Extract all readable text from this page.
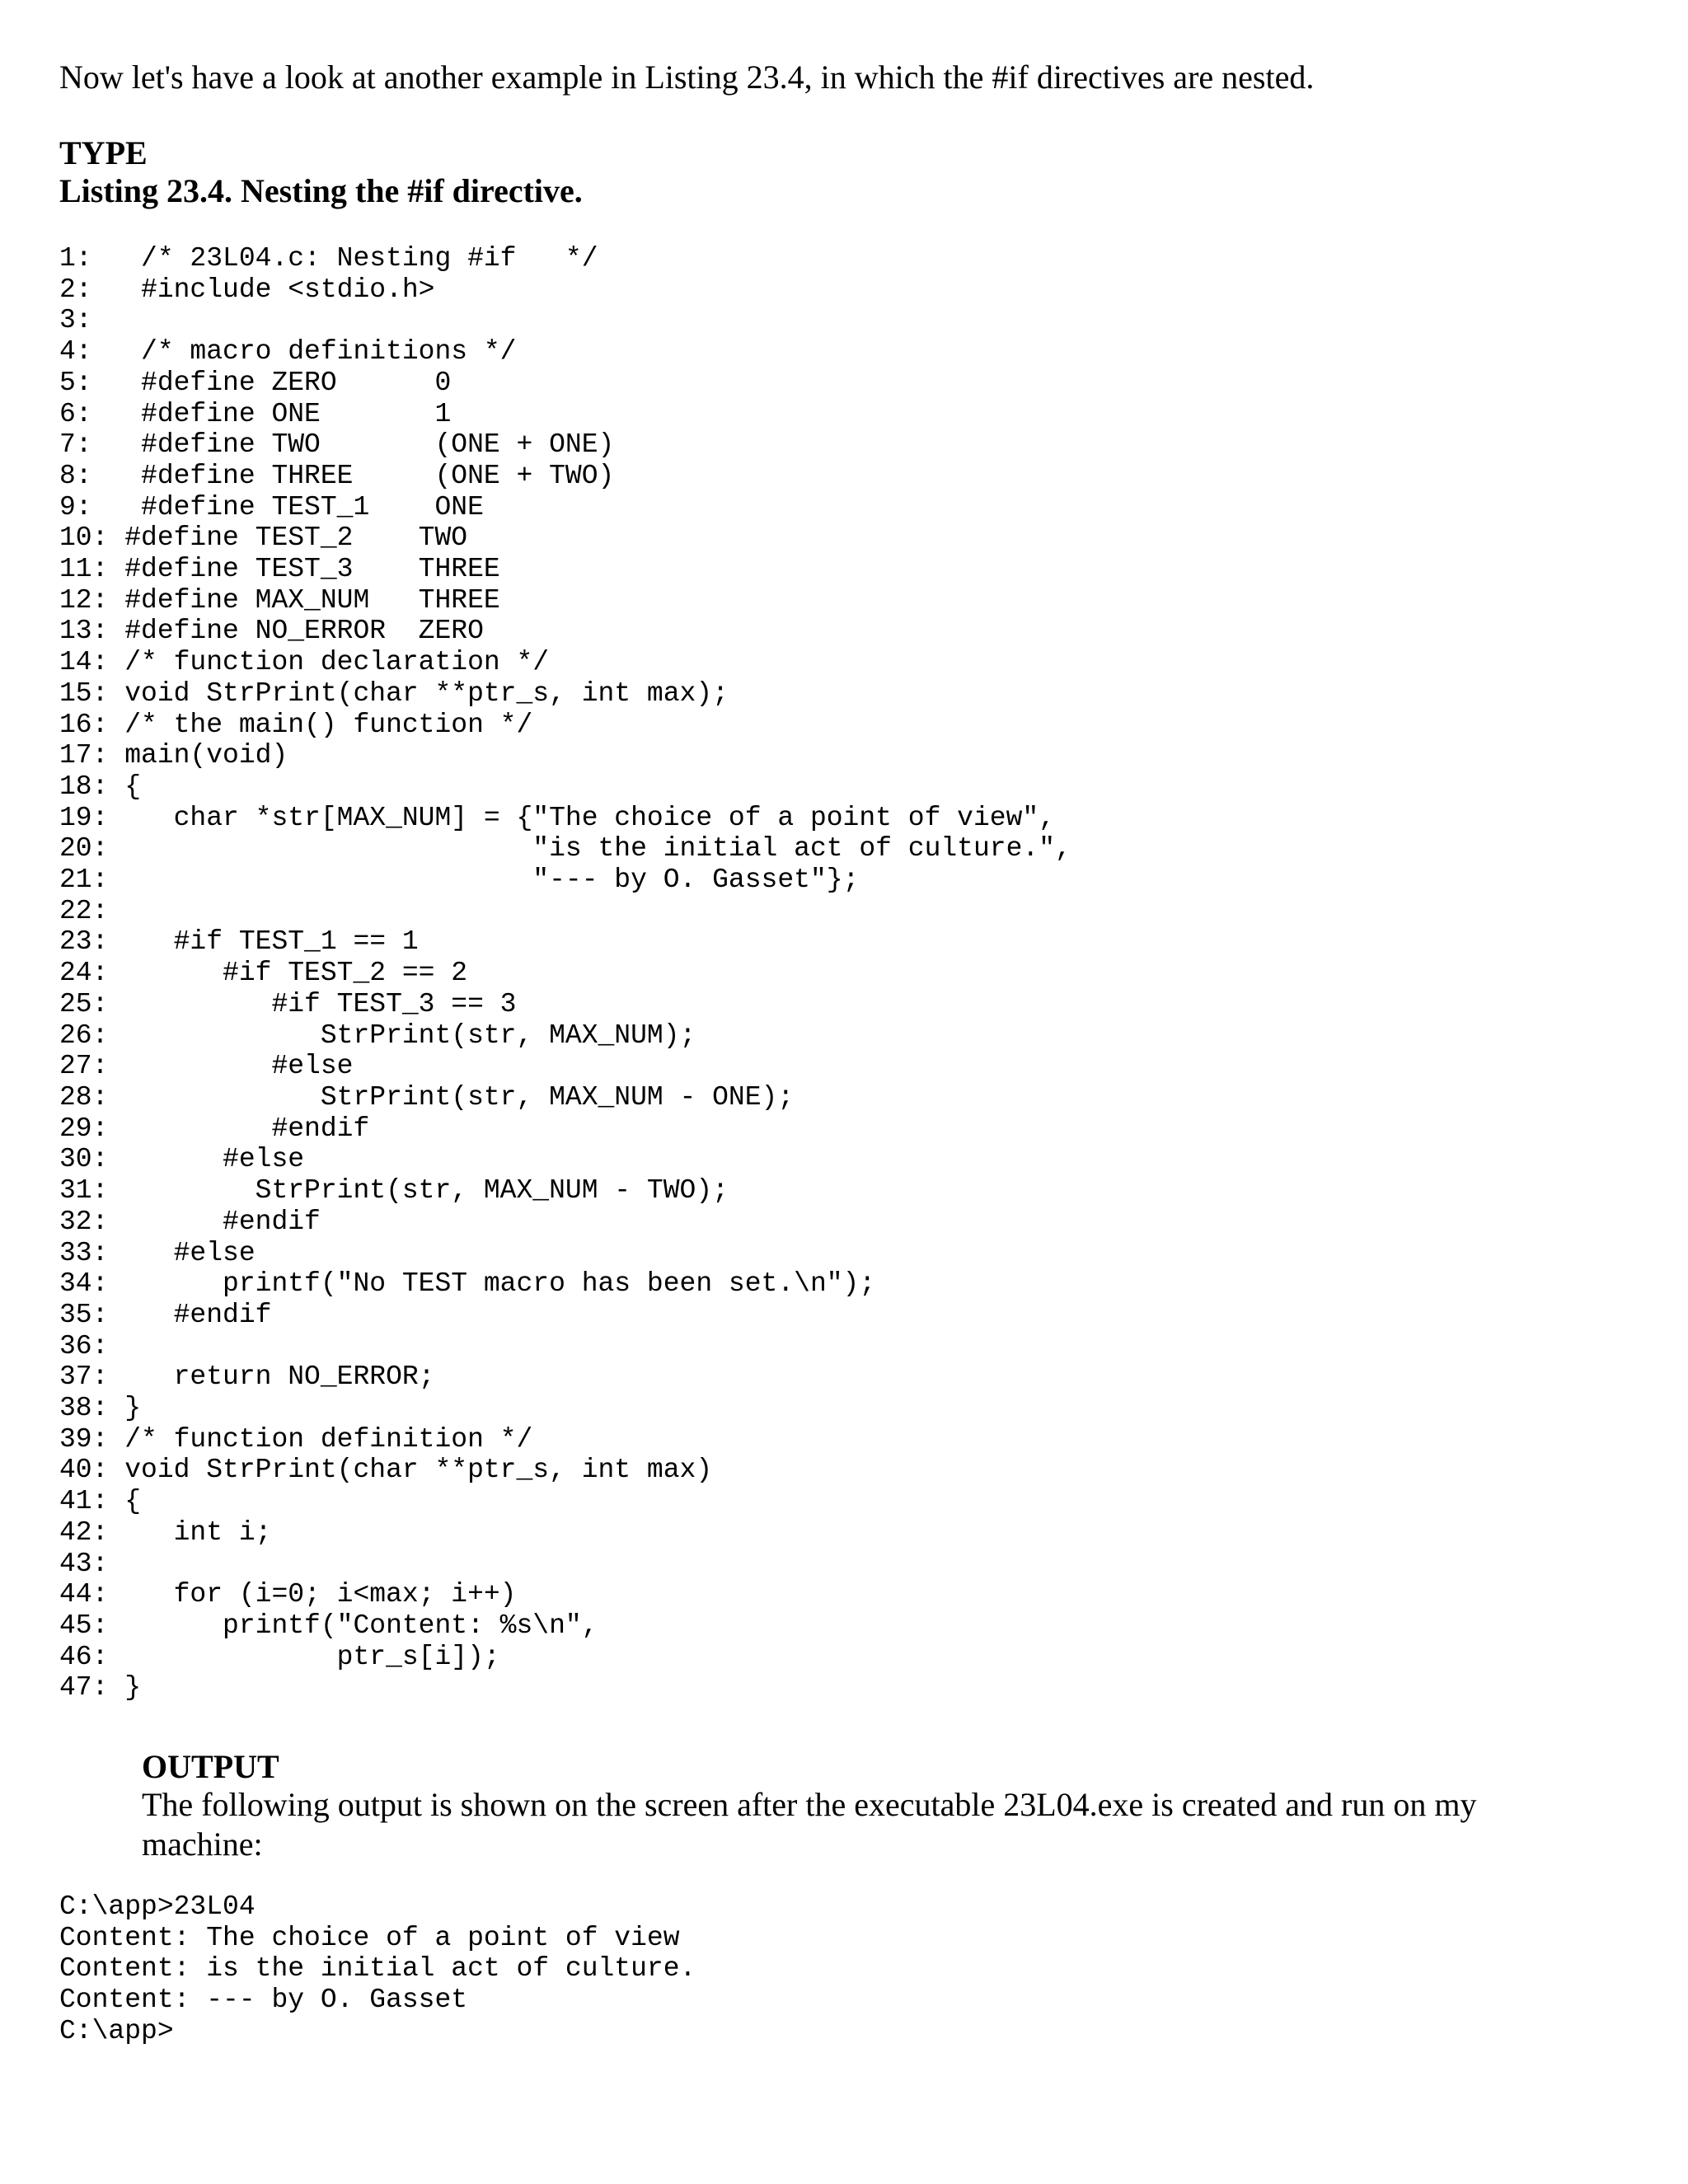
Now let's have a look at another example in Listing 23.4, in which the #if directives are nested.
TYPE
Listing 23.4. Nesting the #if directive.
1:   /* 23L04.c: Nesting #if   */
2:   #include <stdio.h>
3:
4:   /* macro definitions */
5:   #define ZERO      0
6:   #define ONE       1
7:   #define TWO       (ONE + ONE)
8:   #define THREE     (ONE + TWO)
9:   #define TEST_1    ONE
10: #define TEST_2    TWO
11: #define TEST_3    THREE
12: #define MAX_NUM   THREE
13: #define NO_ERROR  ZERO
14: /* function declaration */
15: void StrPrint(char **ptr_s, int max);
16: /* the main() function */
17: main(void)
18: {
19:    char *str[MAX_NUM] = {"The choice of a point of view",
20:                          "is the initial act of culture.",
21:                          "--- by O. Gasset"};
22:
23:    #if TEST_1 == 1
24:       #if TEST_2 == 2
25:          #if TEST_3 == 3
26:             StrPrint(str, MAX_NUM);
27:          #else
28:             StrPrint(str, MAX_NUM - ONE);
29:          #endif
30:       #else
31:         StrPrint(str, MAX_NUM - TWO);
32:       #endif
33:    #else
34:       printf("No TEST macro has been set.\n");
35:    #endif
36:
37:    return NO_ERROR;
38: }
39: /* function definition */
40: void StrPrint(char **ptr_s, int max)
41: {
42:    int i;
43:
44:    for (i=0; i<max; i++)
45:       printf("Content: %s\n",
46:              ptr_s[i]);
47: }
OUTPUT
The following output is shown on the screen after the executable 23L04.exe is created and run on my machine:
C:\app>23L04
Content: The choice of a point of view
Content: is the initial act of culture.
Content: --- by O. Gasset
C:\app>
